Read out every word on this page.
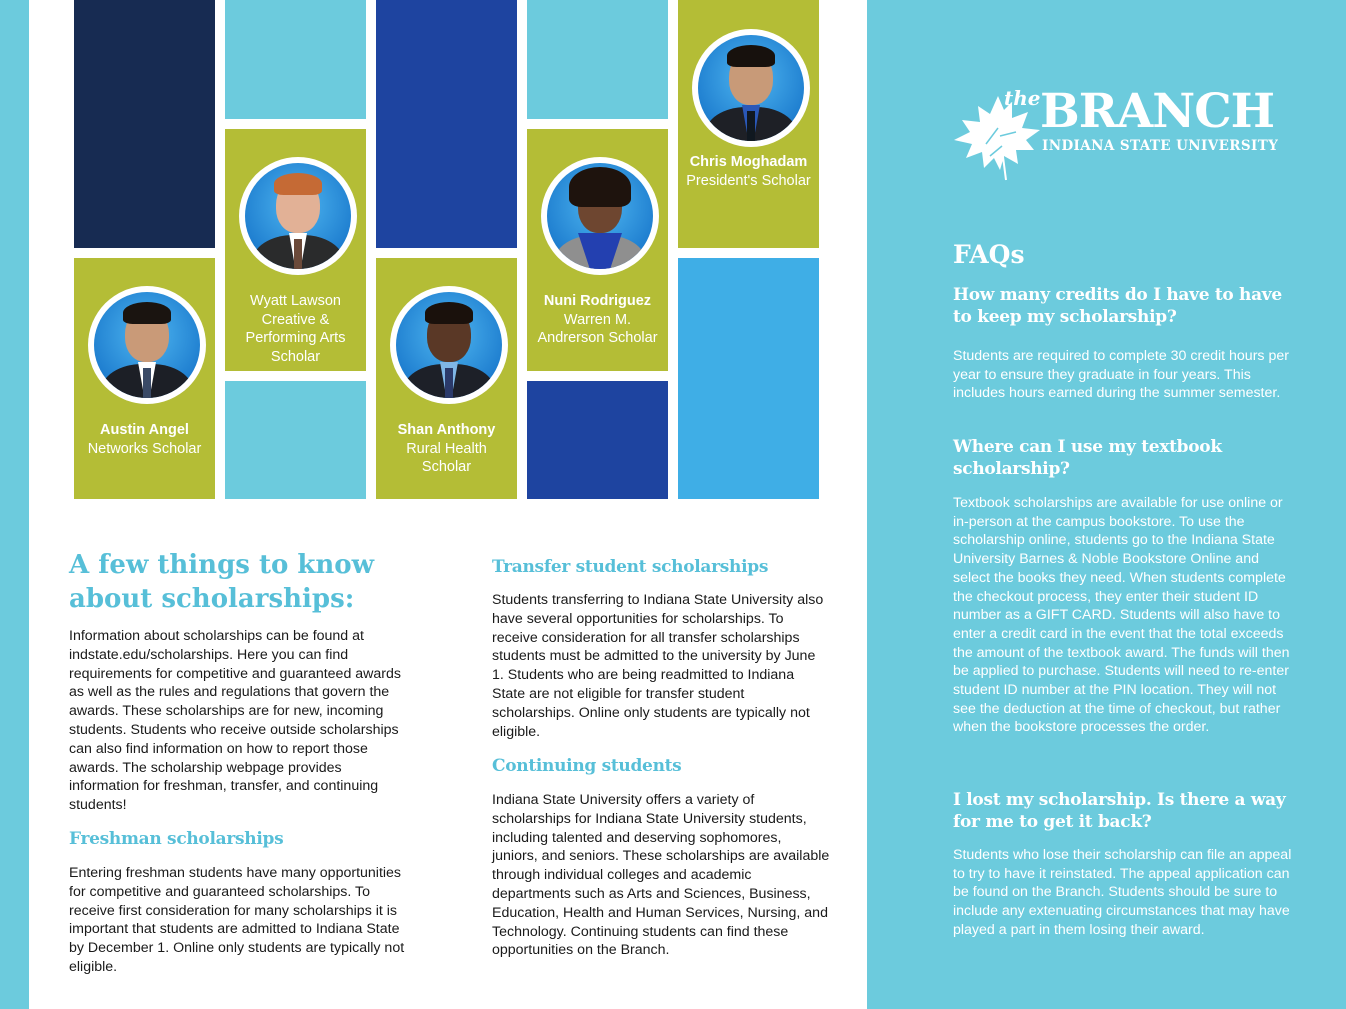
Austin Angel
Networks Scholar
Wyatt Lawson
Creative & Performing Arts Scholar
Shan Anthony
Rural Health Scholar
Nuni Rodriguez
Warren M. Andrerson Scholar
Chris Moghadam
President's Scholar
A few things to know
about scholarships:

Information about scholarships can be found at indstate.edu/scholarships. Here you can find requirements for competitive and guaranteed awards as well as the rules and regulations that govern the awards. These scholarships are for new, incoming students. Students who receive outside scholarships can also find information on how to report those awards. The scholarship webpage provides information for freshman, transfer, and continuing students!

Freshman scholarships

Entering freshman students have many opportunities for competitive and guaranteed scholarships. To receive first consideration for many scholarships it is important that students are admitted to Indiana State by December 1. Online only students are typically not eligible.

Transfer student scholarships

Students transferring to Indiana State University also have several opportunities for scholarships. To receive consideration for all transfer scholarships students must be admitted to the university by June 1. Students who are being readmitted to Indiana State are not eligible for transfer student scholarships. Online only students are typically not eligible.

Continuing students

Indiana State University offers a variety of scholarships for Indiana State University students, including talented and deserving sophomores, juniors, and seniors. These scholarships are available through individual colleges and academic departments such as Arts and Sciences, Business, Education, Health and Human Services, Nursing, and Technology. Continuing students can find these opportunities on the Branch.

the BRANCH
INDIANA STATE UNIVERSITY
FAQs
How many credits do I have to have to keep my scholarship?

Students are required to complete 30 credit hours per year to ensure they graduate in four years. This includes hours earned during the summer semester.

Where can I use my textbook scholarship?

Textbook scholarships are available for use online or in-person at the campus bookstore. To use the scholarship online, students go to the Indiana State University Barnes & Noble Bookstore Online and select the books they need. When students complete the checkout process, they enter their student ID number as a GIFT CARD. Students will also have to enter a credit card in the event that the total exceeds the amount of the textbook award. The funds will then be applied to purchase. Students will need to re-enter student ID number at the PIN location. They will not see the deduction at the time of checkout, but rather when the bookstore processes the order.

I lost my scholarship. Is there a way for me to get it back?

Students who lose their scholarship can file an appeal to try to have it reinstated. The appeal application can be found on the Branch. Students should be sure to include any extenuating circumstances that may have played a part in them losing their award.
